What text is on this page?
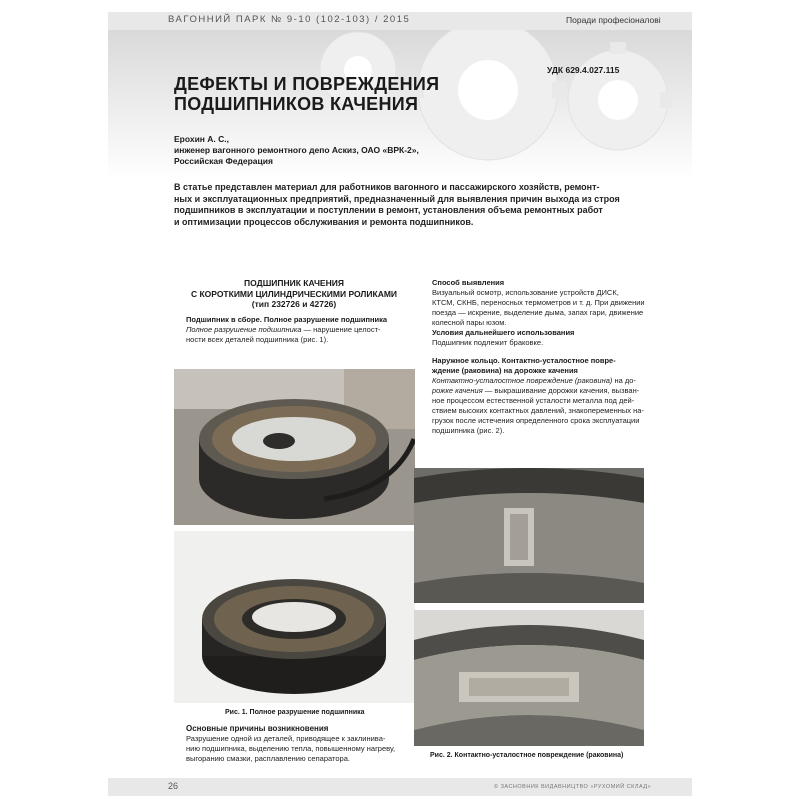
ВАГОННИЙ ПАРК № 9-10 (102-103) / 2015	Поради професіоналові
УДК 629.4.027.115
ДЕФЕКТЫ И ПОВРЕЖДЕНИЯ
ПОДШИПНИКОВ КАЧЕНИЯ
Ерохин А. С.,
инженер вагонного ремонтного депо Аскиз, ОАО «ВРК-2»,
Российская Федерация
В статье представлен материал для работников вагонного и пассажирского хозяйств, ремонт-
ных и эксплуатационных предприятий, предназначенный для выявления причин выхода из строя
подшипников в эксплуатации и поступлении в ремонт, установления объема ремонтных работ
и оптимизации процессов обслуживания и ремонта подшипников.
ПОДШИПНИК КАЧЕНИЯ
С КОРОТКИМИ ЦИЛИНДРИЧЕСКИМИ РОЛИКАМИ
(тип 232726 и 42726)
Подшипник в сборе. Полное разрушение подшипника
Полное разрушение подшипника — нарушение целост-
ности всех деталей подшипника (рис. 1).
Рис. 1. Полное разрушение подшипника
Основные причины возникновения
Разрушение одной из деталей, приводящее к заклинива-
нию подшипника, выделению тепла, повышенному нагреву,
выгоранию смазки, расплавлению сепаратора.
Способ выявления
Визуальный осмотр, использование устройств ДИСК,
КТСМ, СКНБ, переносных термометров и т. д. При движении
поезда — искрение, выделение дыма, запах гари, движение
колесной пары юзом.
Условия дальнейшего использования
Подшипник подлежит браковке.
Наружное кольцо. Контактно-усталостное повре-
ждение (раковина) на дорожке качения
Контактно-усталостное повреждение (раковина) на до-
рожке качения — выкрашивание дорожки качения, вызван-
ное процессом естественной усталости металла под дей-
ствием высоких контактных давлений, знакопеременных на-
грузок после истечения определенного срока эксплуатации
подшипника (рис. 2).
Рис. 2. Контактно-усталостное повреждение (раковина)
26	© ЗАСНОВНИК ВИДАВНИЦТВО «РУХОМИЙ СКЛАД»
